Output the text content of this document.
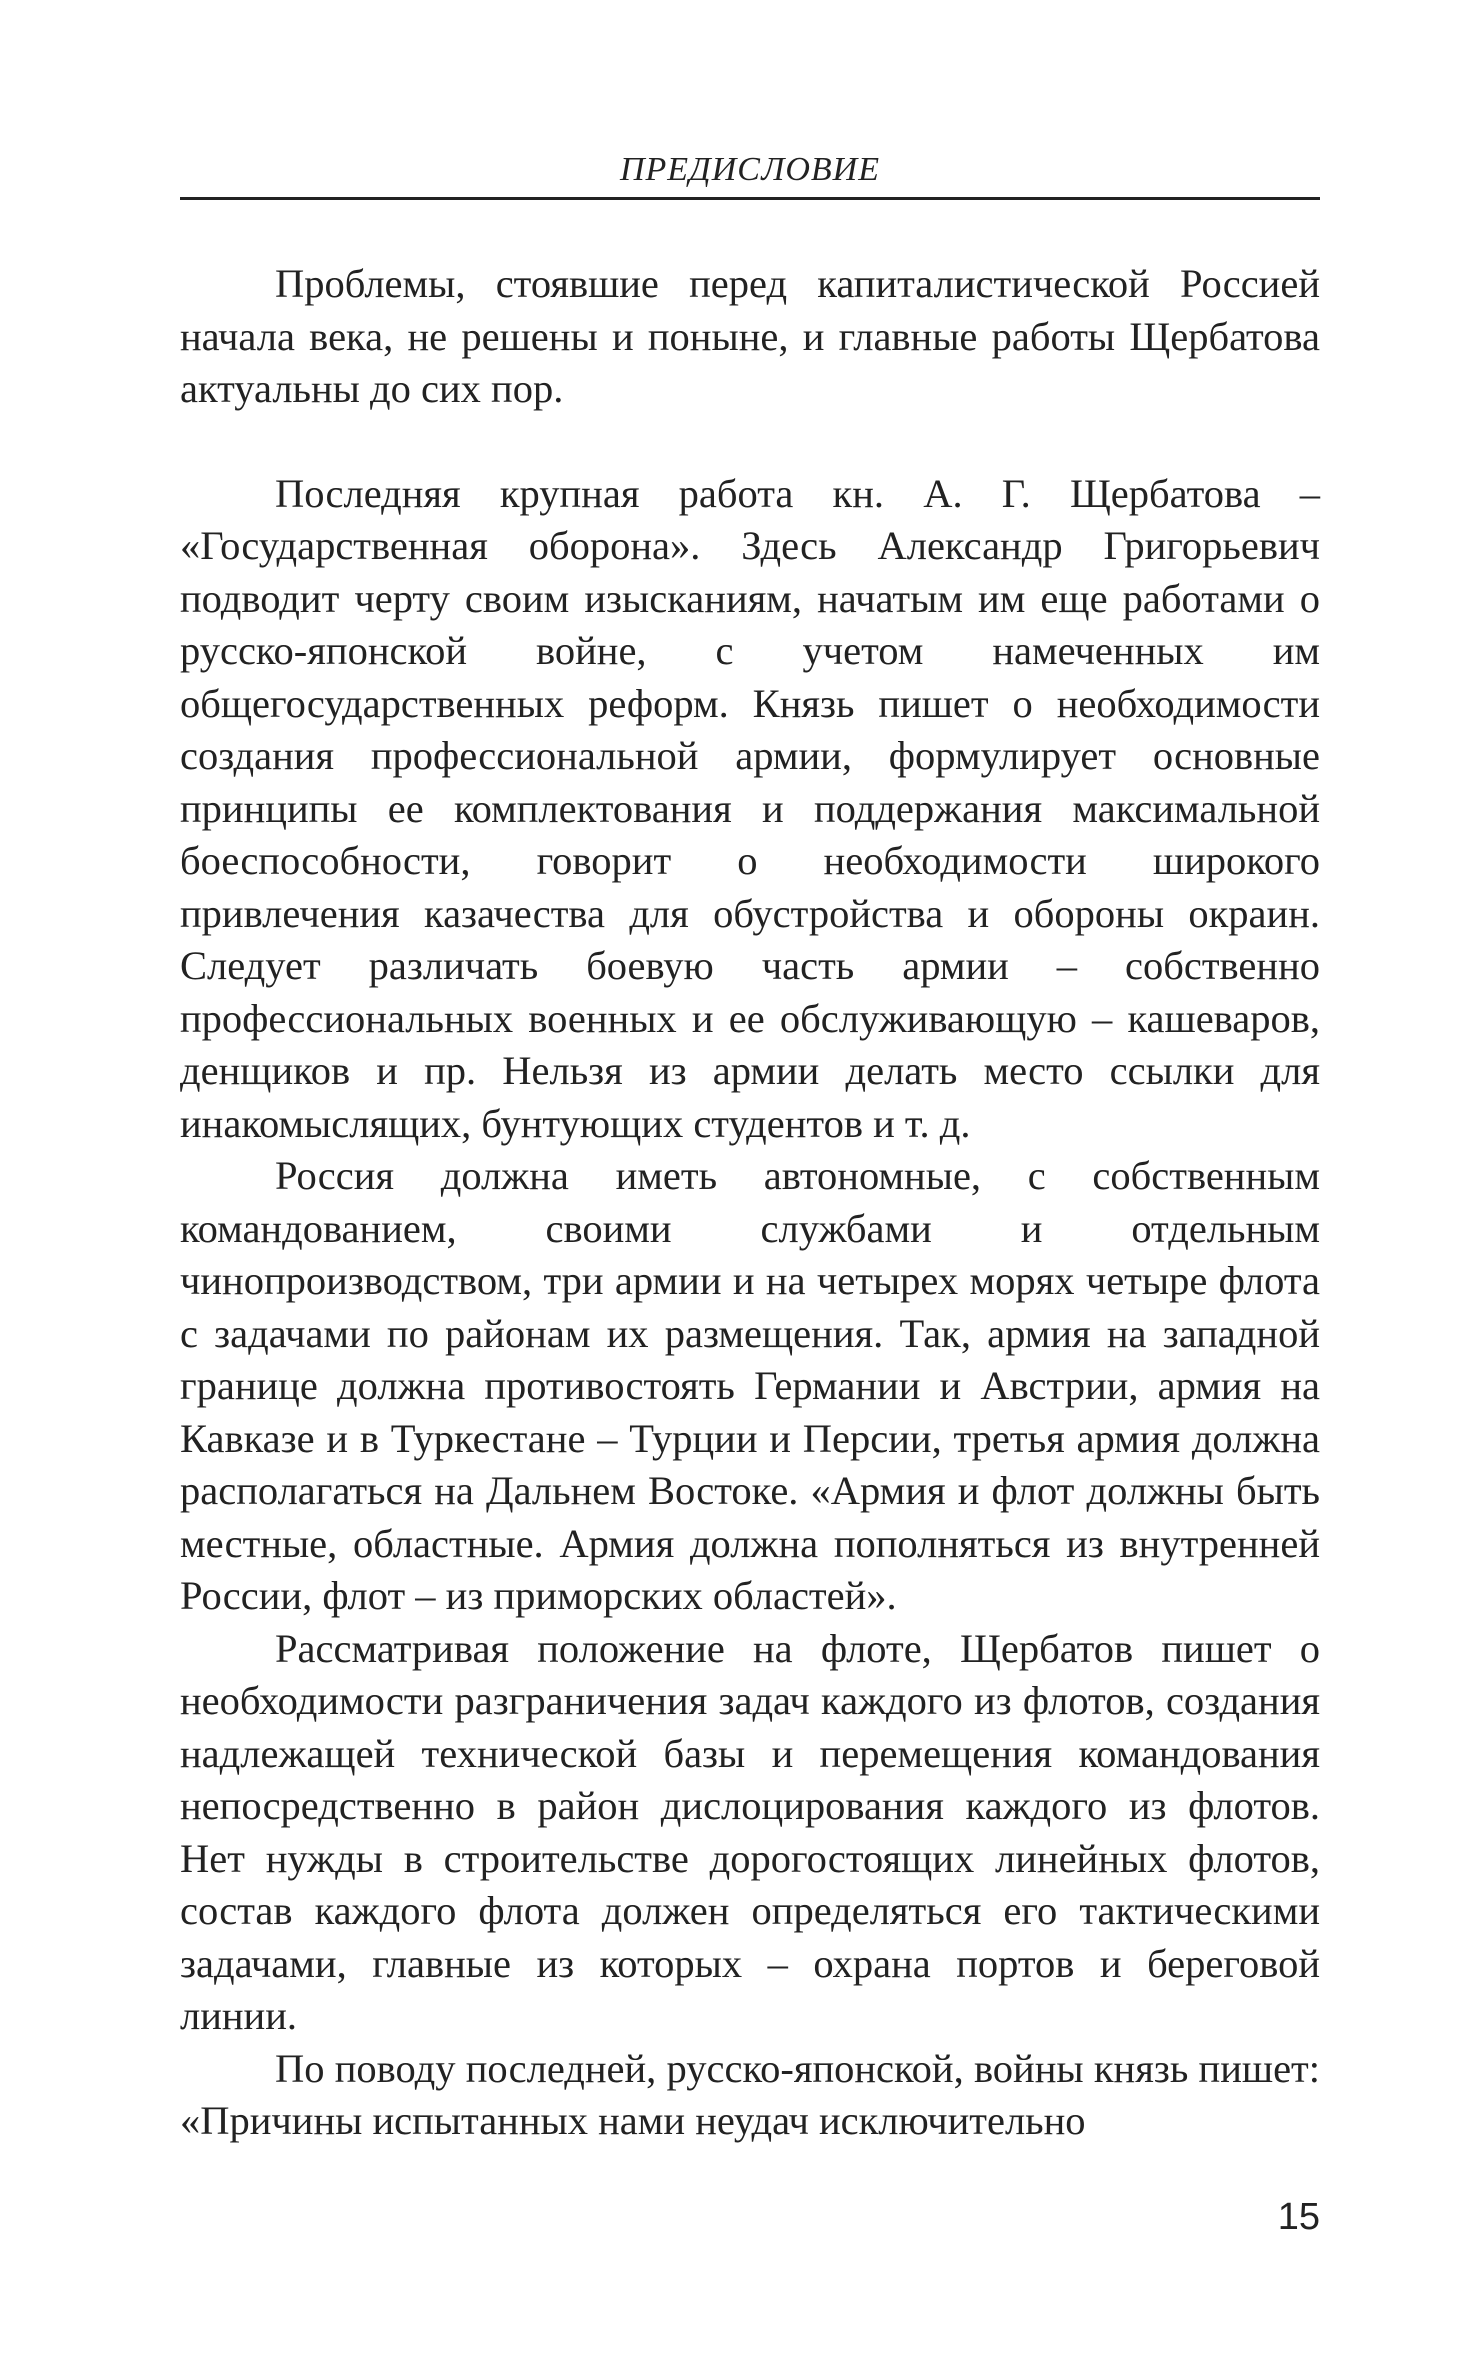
ПРЕДИСЛОВИЕ

Проблемы, стоявшие перед капиталистической Россией начала века, не решены и поныне, и главные работы Щербатова актуальны до сих пор.

Последняя крупная работа кн. А. Г. Щербатова – «Государственная оборона». Здесь Александр Григорьевич подводит черту своим изысканиям, начатым им еще работами о русско-японской войне, с учетом намеченных им общегосударственных реформ. Князь пишет о необходимости создания профессиональной армии, формулирует основные принципы ее комплектования и поддержания максимальной боеспособности, говорит о необходимости широкого привлечения казачества для обустройства и обороны окраин. Следует различать боевую часть армии – собственно профессиональных военных и ее обслуживающую – кашеваров, денщиков и пр. Нельзя из армии делать место ссылки для инакомыслящих, бунтующих студентов и т. д.

Россия должна иметь автономные, с собственным командованием, своими службами и отдельным чинопроизводством, три армии и на четырех морях четыре флота с задачами по районам их размещения. Так, армия на западной границе должна противостоять Германии и Австрии, армия на Кавказе и в Туркестане – Турции и Персии, третья армия должна располагаться на Дальнем Востоке. «Армия и флот должны быть местные, областные. Армия должна пополняться из внутренней России, флот – из приморских областей».

Рассматривая положение на флоте, Щербатов пишет о необходимости разграничения задач каждого из флотов, создания надлежащей технической базы и перемещения командования непосредственно в район дислоцирования каждого из флотов. Нет нужды в строительстве дорогостоящих линейных флотов, состав каждого флота должен определяться его тактическими задачами, главные из которых – охрана портов и береговой линии.

По поводу последней, русско-японской, войны князь пишет: «Причины испытанных нами неудач исключительно

15
